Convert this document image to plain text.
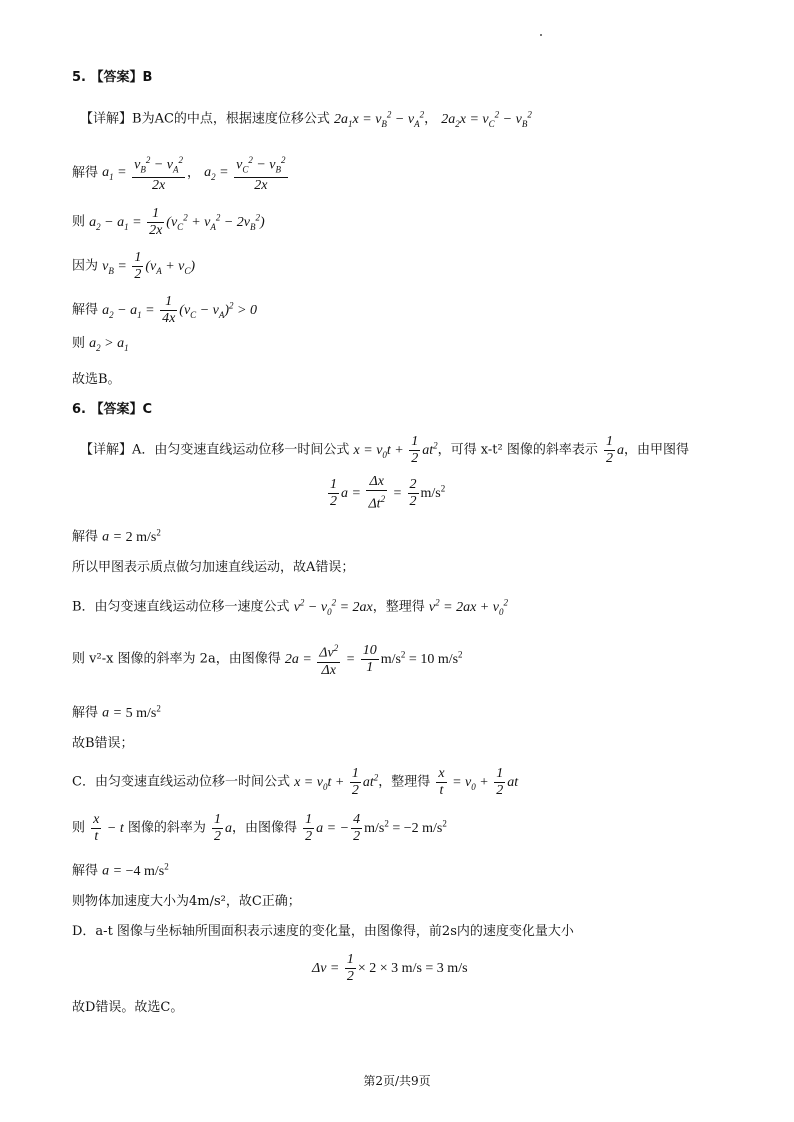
5. 【答案】B
【详解】B为AC的中点，根据速度位移公式 $2a_1x = v_B^2 - v_A^2$， $2a_2x = v_C^2 - v_B^2$
解得 $a_1 = \frac{v_B^2 - v_A^2}{2x}$ ， $a_2 = \frac{v_C^2 - v_B^2}{2x}$
则 $a_2 - a_1 = \frac{1}{2x} (v_C^2 + v_A^2 - 2v_B^2)$
因为 $v_B = \frac{1}{2} (v_A + v_C)$
解得 $a_2 - a_1 = \frac{1}{4x} (v_C - v_A)^2 > 0$
则 $a_2 > a_1$
故选B。
6. 【答案】C
【详解】A．由匀变速直线运动位移一时间公式 $x = v_0t + \frac{1}{2} at^2$，可得 x-t² 图像的斜率表示 $\frac{1}{2}$ a，由甲图得
$\frac{1}{2}$ $a = \frac{\Delta x}{\Delta t^2} = \frac{2}{2} m/s^2$
解得 a = 2 $m/s^2$
所以甲图表示质点做匀加速直线运动，故A错误；
B．由匀变速直线运动位移一速度公式 $v^2 - v_0^2 = 2ax$，整理得 $v^2 = 2ax + v_0^2$
则 v²-x 图像的斜率为 2a，由图像得 $2a = \frac{\Delta v^2}{\Delta x} = \frac{10}{1} m/s^2 = 10$ $m/s^2$
解得 a = 5 $m/s^2$
故B错误；
C．由匀变速直线运动位移一时间公式 $x = v_0t + \frac{1}{2} at^2$，整理得 $\frac{x}{t} = v_0 + \frac{1}{2}$ at
则 $\frac{x}{t} - t$ 图像的斜率为 $\frac{1}{2}$ a，由图像得 $\frac{1}{2}$ a = − $\frac{4}{2} m/s^2 = -2$ $m/s^2$
解得 a = −4 $m/s^2$
则物体加速度大小为4m/s²，故C正确；
D．a-t 图像与坐标轴所围面积表示速度的变化量，由图像得，前2s内的速度变化量大小
$\Delta v = \frac{1}{2} \times 2 \times 3$ m/s = 3 m/s
故D错误。故选C。
第2页/共9页
